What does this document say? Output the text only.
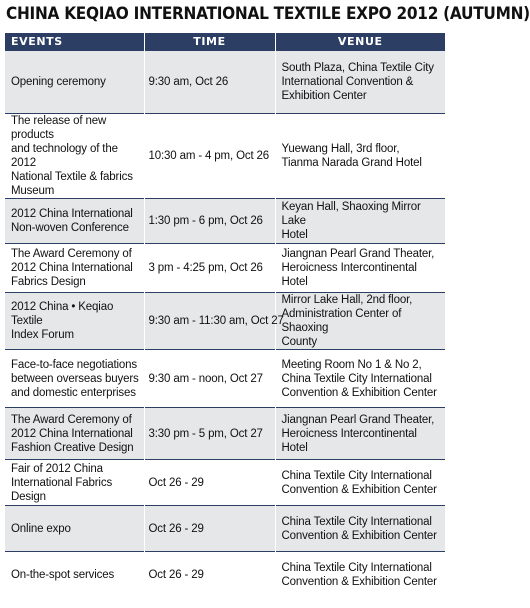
CHINA KEQIAO INTERNATIONAL TEXTILE EXPO 2012 (AUTUMN)
EVENTS	TIME	VENUE
Opening ceremony	9:30 am, Oct 26	South Plaza, China Textile City
International Convention &
Exhibition Center
The release of new products
and technology of the 2012
National Textile & fabrics
Museum	10:30 am - 4 pm, Oct 26	Yuewang Hall, 3rd floor,
Tianma Narada Grand Hotel
2012 China International
Non-woven Conference	1:30 pm - 6 pm, Oct 26	Keyan Hall, Shaoxing Mirror Lake
Hotel
The Award Ceremony of
2012 China International
Fabrics Design	3 pm - 4:25 pm, Oct 26	Jiangnan Pearl Grand Theater,
Heroicness Intercontinental Hotel
2012 China • Keqiao Textile
Index Forum	9:30 am - 11:30 am, Oct 27	Mirror Lake Hall, 2nd floor,
Administration Center of Shaoxing
County
Face-to-face negotiations
between overseas buyers
and domestic enterprises	9:30 am - noon, Oct 27	Meeting Room No 1 & No 2,
China Textile City International
Convention & Exhibition Center
The Award Ceremony of
2012 China International
Fashion Creative Design	3:30 pm - 5 pm, Oct 27	Jiangnan Pearl Grand Theater,
Heroicness Intercontinental Hotel
Fair of 2012 China
International Fabrics Design	Oct 26 - 29	China Textile City International
Convention & Exhibition Center
Online expo	Oct 26 - 29	China Textile City International
Convention & Exhibition Center
On-the-spot services	Oct 26 - 29	China Textile City International
Convention & Exhibition Center
